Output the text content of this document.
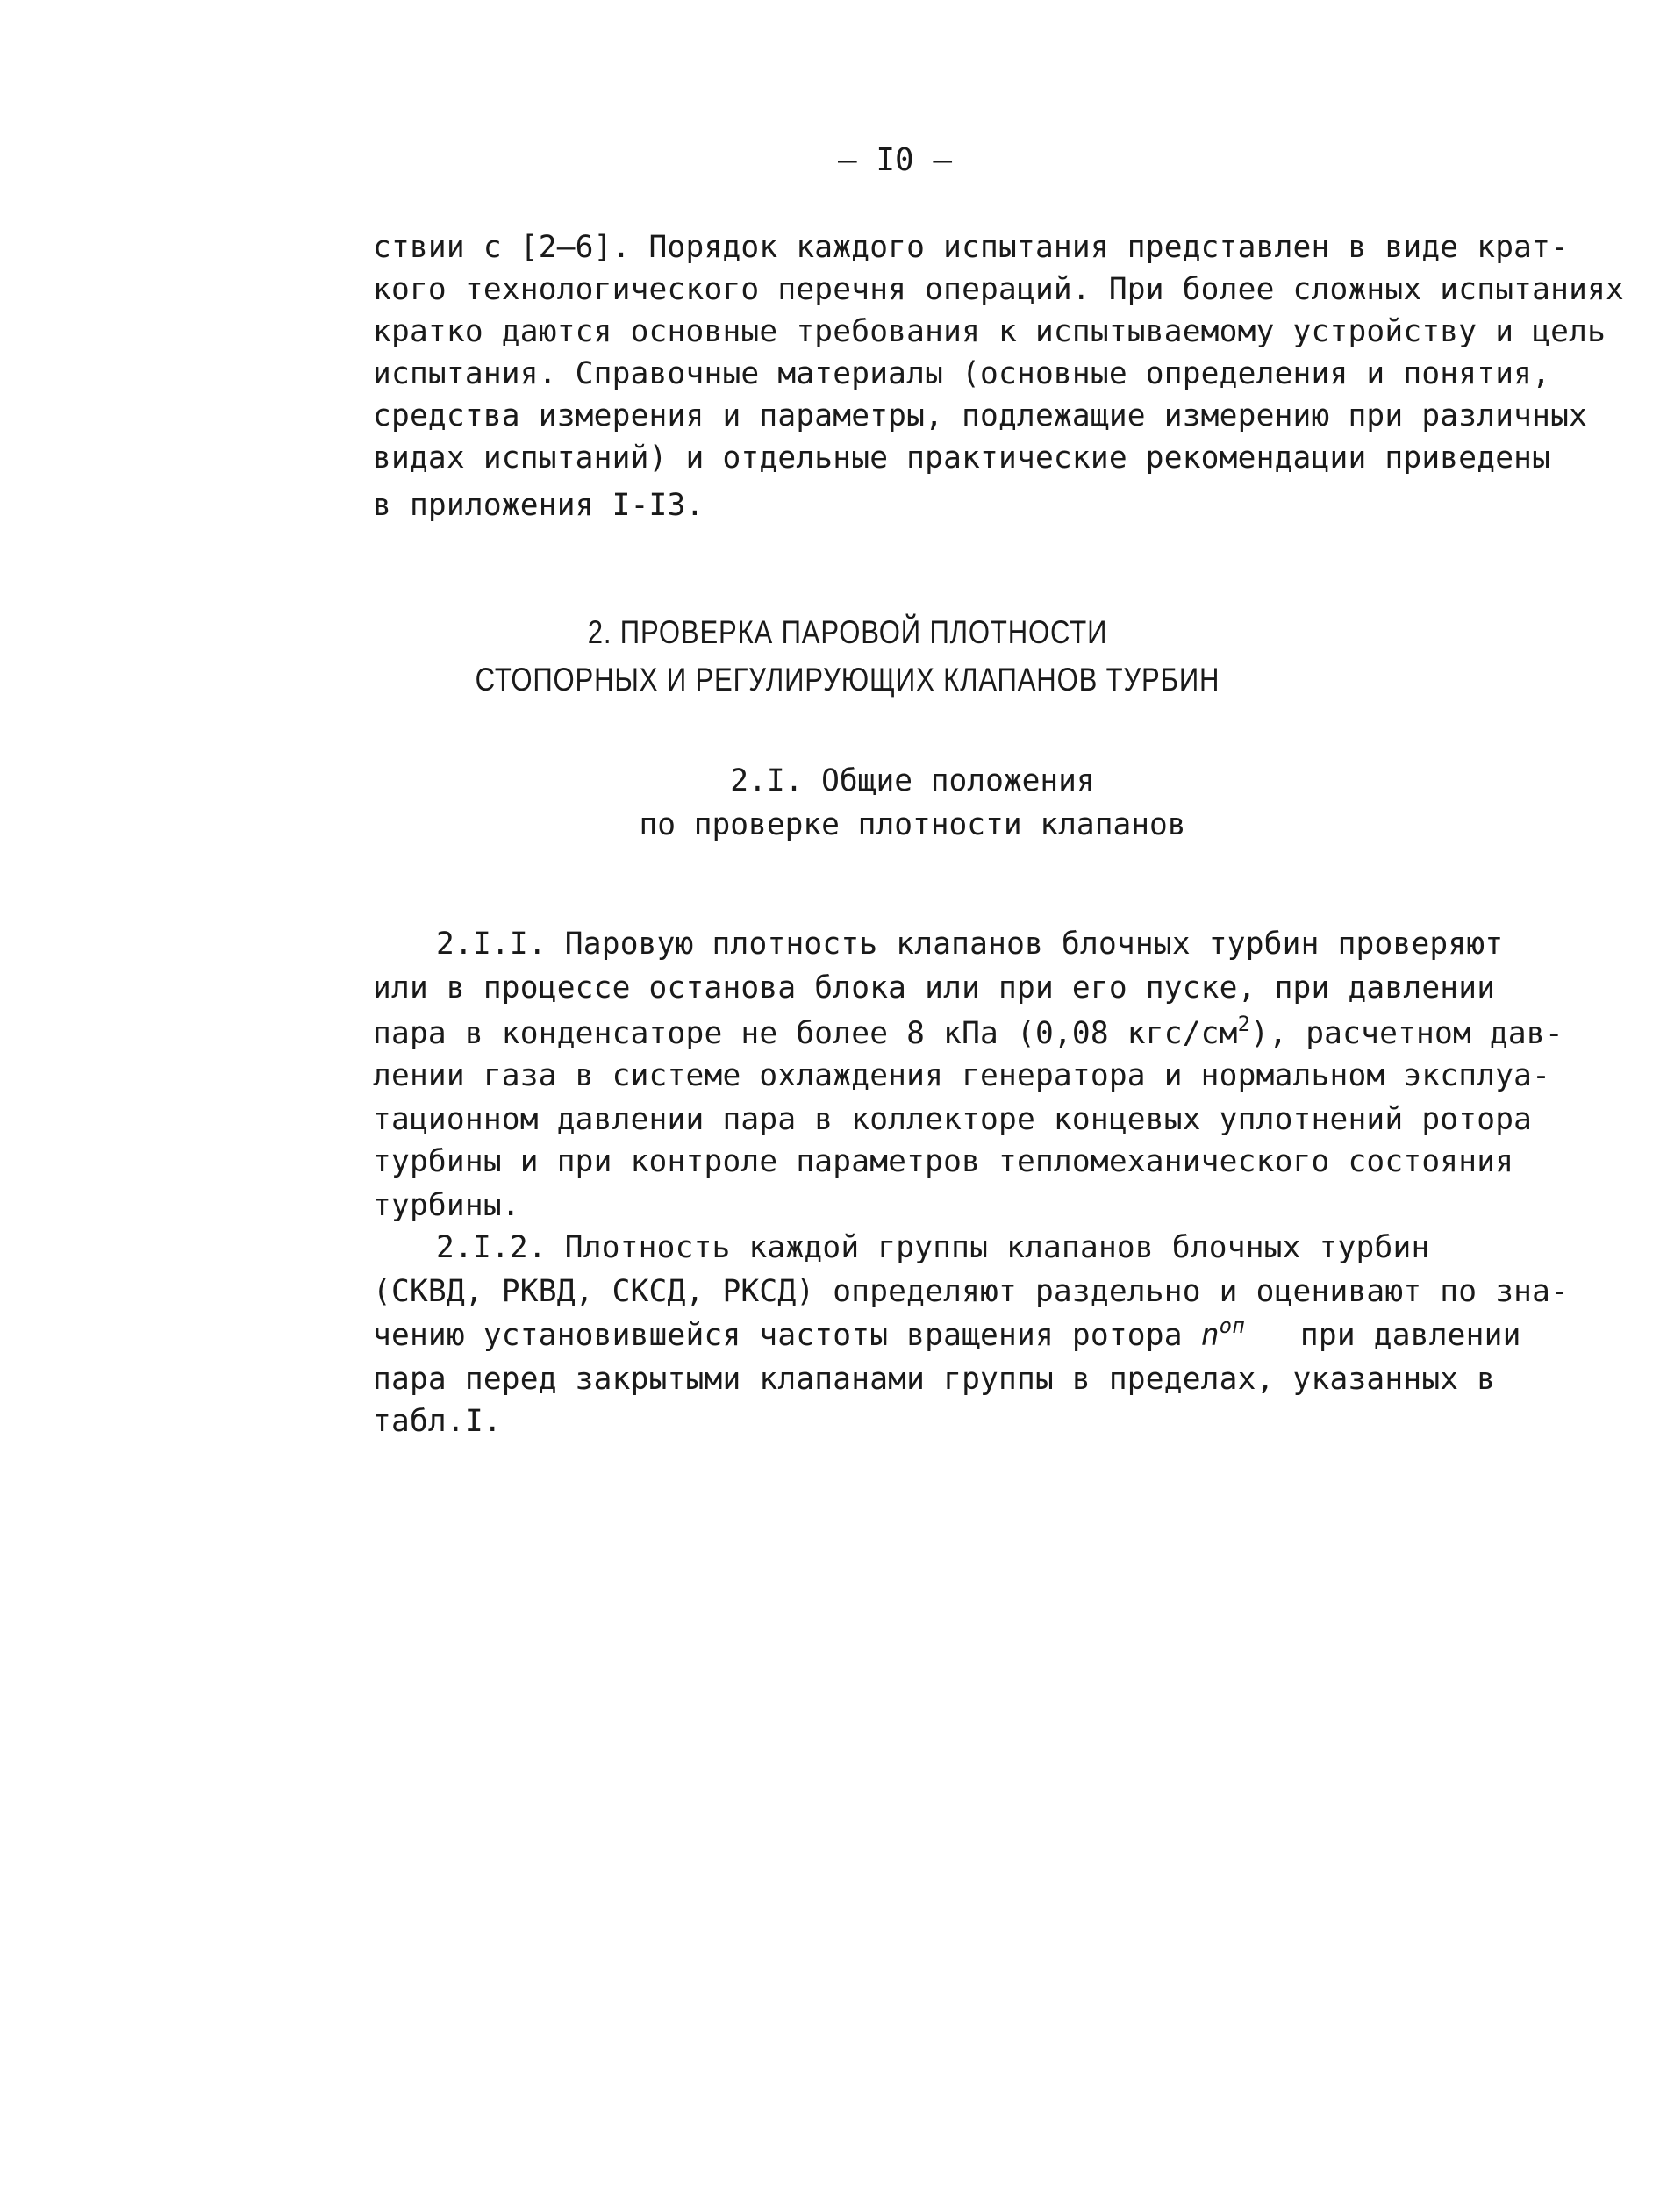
– I0 –
ствии с [2–6]. Порядок каждого испытания представлен в виде крат-
кого технологического перечня операций. При более сложных испытаниях
кратко даются основные требования к испытываемому устройству и цель
испытания. Справочные материалы (основные определения и понятия,
средства измерения и параметры, подлежащие измерению при различных
видах испытаний) и отдельные практические рекомендации приведены
в приложения I-I3.
2. ПРОВЕРКА ПАРОВОЙ ПЛОТНОСТИ
СТОПОРНЫХ И РЕГУЛИРУЮЩИХ КЛАПАНОВ ТУРБИН
2.I. Общие положения
по проверке плотности клапанов
2.I.I. Паровую плотность клапанов блочных турбин проверяют
или в процессе останова блока или при его пуске, при давлении
пара в конденсаторе не более 8 кПа (0,08 кгс/$см^2$), расчетном дав-
лении газа в системе охлаждения генератора и нормальном эксплуа-
тационном давлении пара в коллекторе концевых уплотнений ротора
турбины и при контроле параметров тепломеханического состояния
турбины.
2.I.2. Плотность каждой группы клапанов блочных турбин
(СКВД, РКВД, СКСД, РКСД) определяют раздельно и оценивают по зна-
чению установившейся частоты вращения ротора $n^{оп}$   при давлении
пара перед закрытыми клапанами группы в пределах, указанных в
табл.I.
